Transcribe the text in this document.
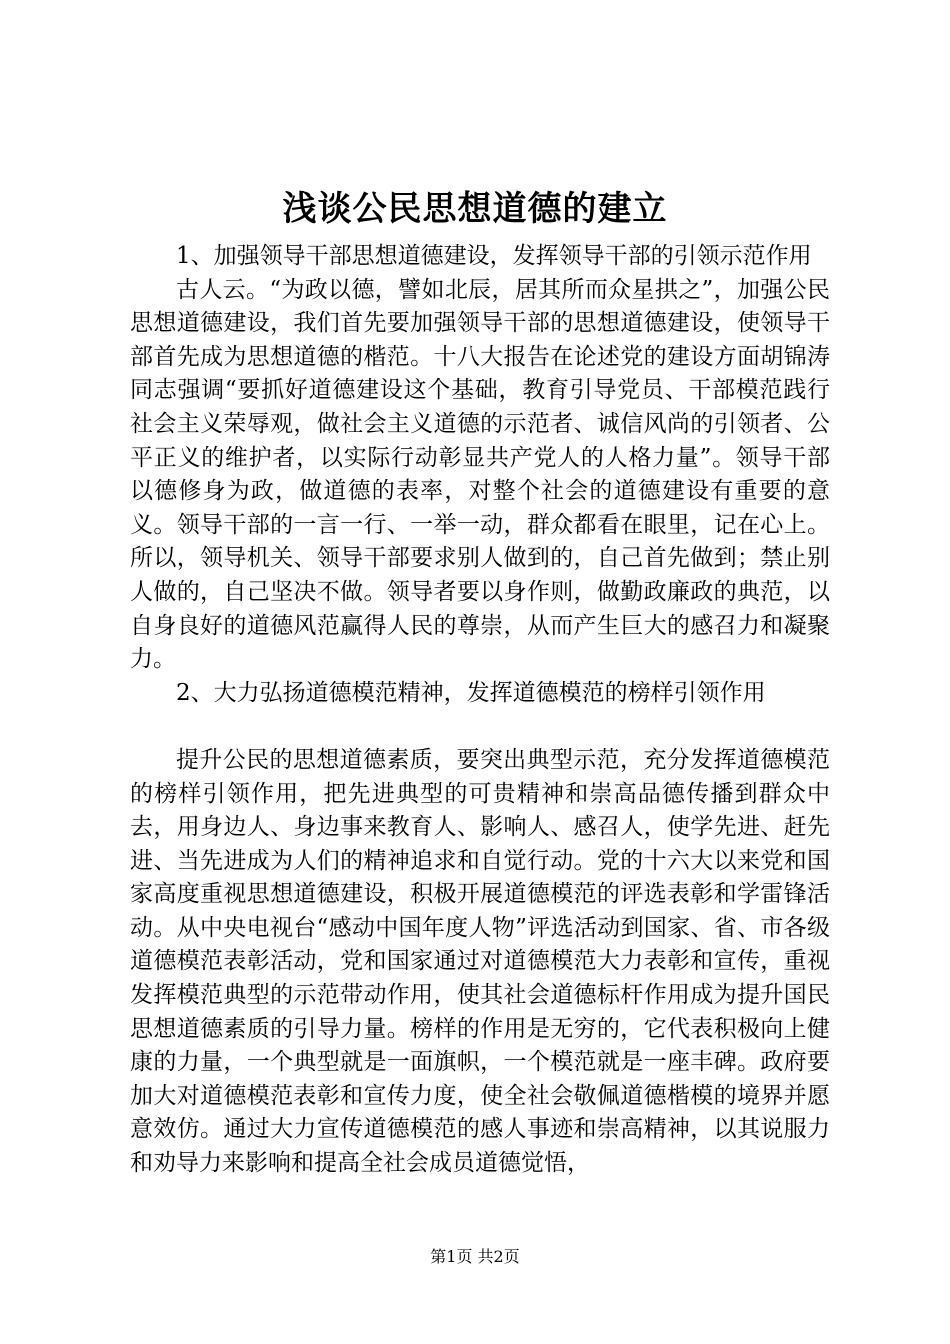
浅谈公民思想道德的建立

1、加强领导干部思想道德建设，发挥领导干部的引领示范作用

古人云。“为政以德，譬如北辰，居其所而众星拱之”，加强公民思想道德建设，我们首先要加强领导干部的思想道德建设，使领导干部首先成为思想道德的楷范。十八大报告在论述党的建设方面胡锦涛同志强调“要抓好道德建设这个基础，教育引导党员、干部模范践行社会主义荣辱观，做社会主义道德的示范者、诚信风尚的引领者、公平正义的维护者，以实际行动彰显共产党人的人格力量”。领导干部以德修身为政，做道德的表率，对整个社会的道德建设有重要的意义。领导干部的一言一行、一举一动，群众都看在眼里，记在心上。所以，领导机关、领导干部要求别人做到的，自己首先做到；禁止别人做的，自己坚决不做。领导者要以身作则，做勤政廉政的典范，以自身良好的道德风范赢得人民的尊崇，从而产生巨大的感召力和凝聚力。

2、大力弘扬道德模范精神，发挥道德模范的榜样引领作用

提升公民的思想道德素质，要突出典型示范，充分发挥道德模范的榜样引领作用，把先进典型的可贵精神和崇高品德传播到群众中去，用身边人、身边事来教育人、影响人、感召人，使学先进、赶先进、当先进成为人们的精神追求和自觉行动。党的十六大以来党和国家高度重视思想道德建设，积极开展道德模范的评选表彰和学雷锋活动。从中央电视台“感动中国年度人物”评选活动到国家、省、市各级道德模范表彰活动，党和国家通过对道德模范大力表彰和宣传，重视发挥模范典型的示范带动作用，使其社会道德标杆作用成为提升国民思想道德素质的引导力量。榜样的作用是无穷的，它代表积极向上健康的力量，一个典型就是一面旗帜，一个模范就是一座丰碑。政府要加大对道德模范表彰和宣传力度，使全社会敬佩道德楷模的境界并愿意效仿。通过大力宣传道德模范的感人事迹和崇高精神，以其说服力和劝导力来影响和提高全社会成员道德觉悟，

第1页 共2页
